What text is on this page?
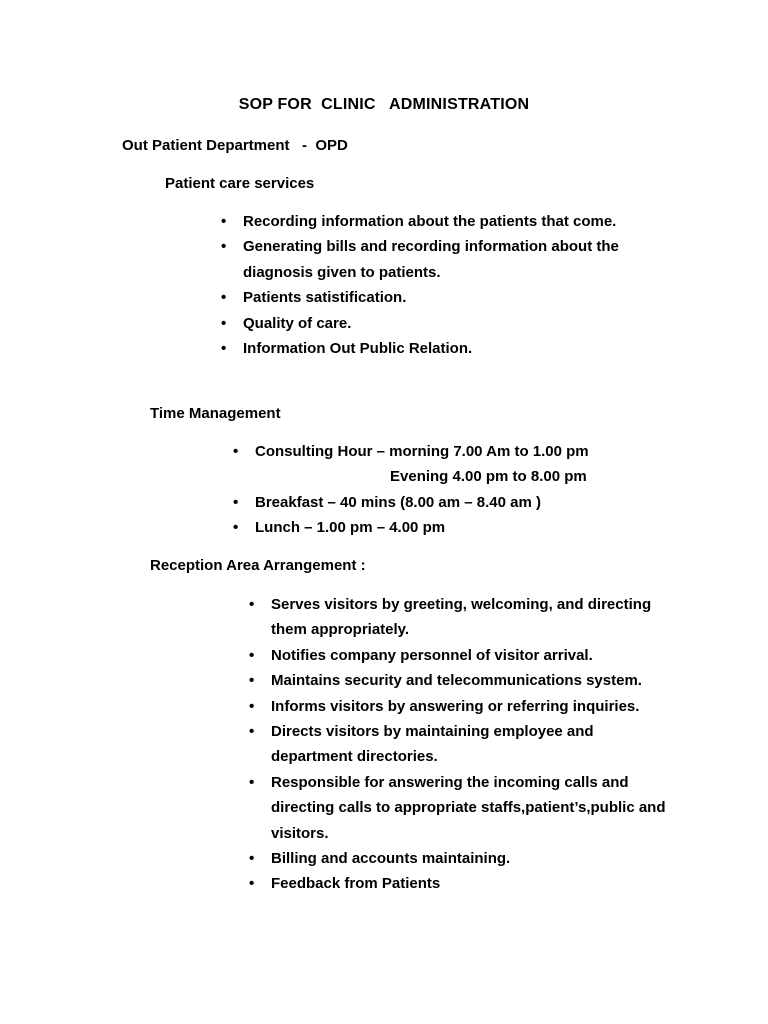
SOP FOR  CLINIC   ADMINISTRATION
Out Patient Department   -  OPD
Patient care services
• Recording information about the patients that come.
• Generating bills and recording information about the diagnosis given to patients.
• Patients satistification.
• Quality of care.
• Information Out Public Relation.
Time Management
• Consulting Hour – morning 7.00 Am to 1.00 pm
Evening 4.00 pm to 8.00 pm
• Breakfast – 40 mins (8.00 am – 8.40 am )
• Lunch – 1.00 pm – 4.00 pm
Reception Area Arrangement :
• Serves visitors by greeting, welcoming, and directing them appropriately.
• Notifies company personnel of visitor arrival.
• Maintains security and telecommunications system.
• Informs visitors by answering or referring inquiries.
• Directs visitors by maintaining employee and department directories.
• Responsible for answering the incoming calls and directing calls to appropriate staffs,patient’s,public and visitors.
• Billing and accounts maintaining.
• Feedback from Patients
